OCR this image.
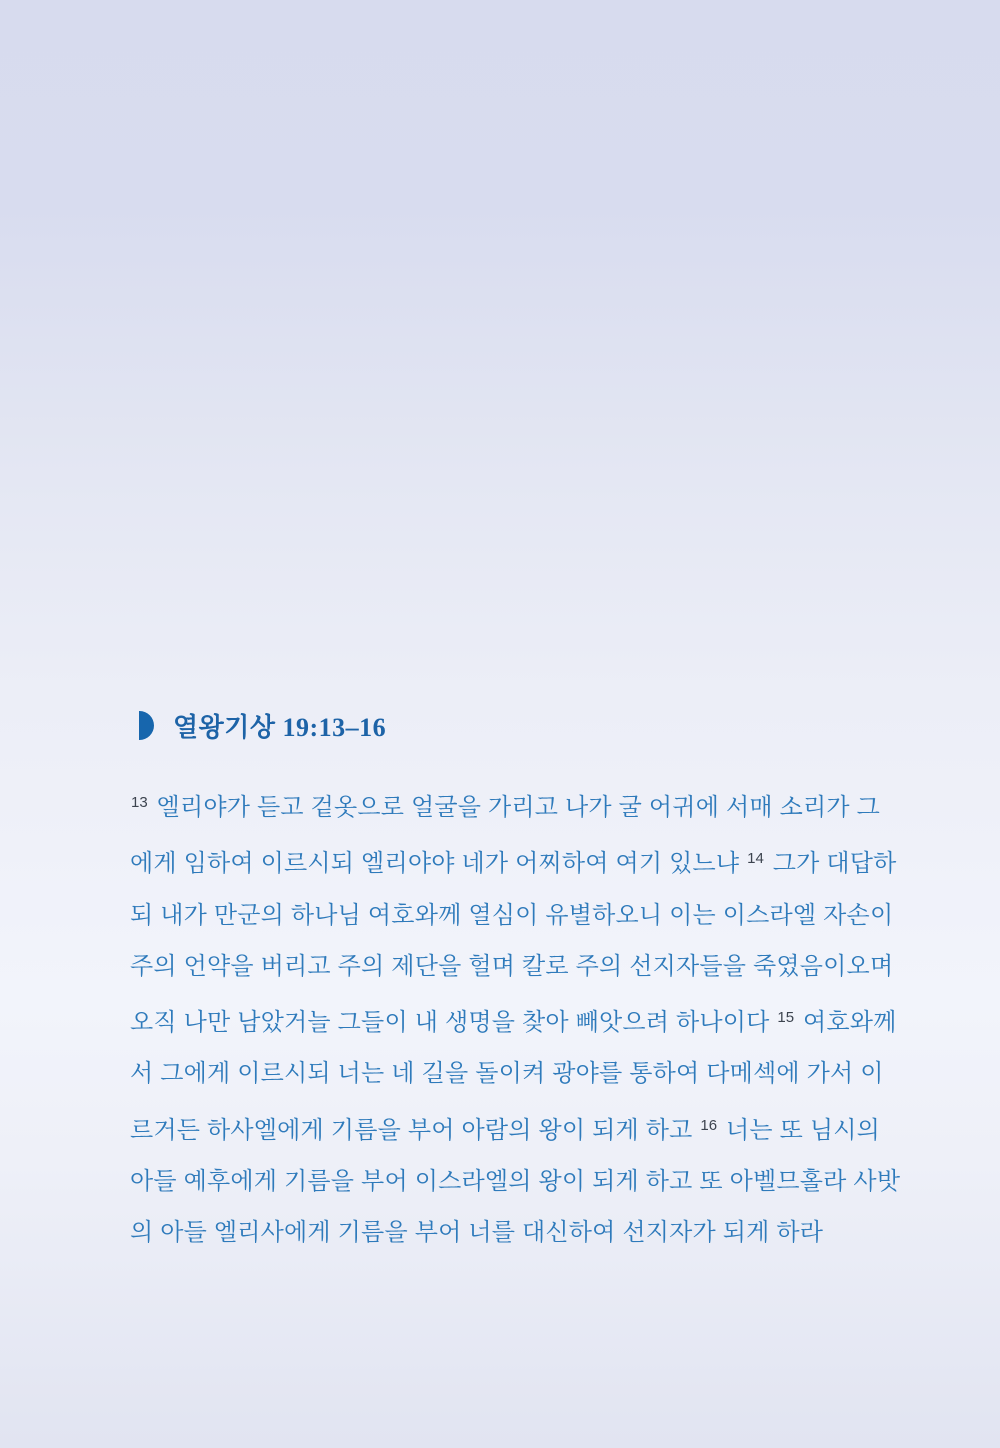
열왕기상 19:13–16
$^{13}$ 엘리야가 듣고 겉옷으로 얼굴을 가리고 나가 굴 어귀에 서매 소리가 그
에게 임하여 이르시되 엘리야야 네가 어찌하여 여기 있느냐 $^{14}$ 그가 대답하
되 내가 만군의 하나님 여호와께 열심이 유별하오니 이는 이스라엘 자손이
주의 언약을 버리고 주의 제단을 헐며 칼로 주의 선지자들을 죽였음이오며
오직 나만 남았거늘 그들이 내 생명을 찾아 빼앗으려 하나이다 $^{15}$ 여호와께
서 그에게 이르시되 너는 네 길을 돌이켜 광야를 통하여 다메섹에 가서 이
르거든 하사엘에게 기름을 부어 아람의 왕이 되게 하고 $^{16}$ 너는 또 님시의
아들 예후에게 기름을 부어 이스라엘의 왕이 되게 하고 또 아벨므홀라 사밧
의 아들 엘리사에게 기름을 부어 너를 대신하여 선지자가 되게 하라
